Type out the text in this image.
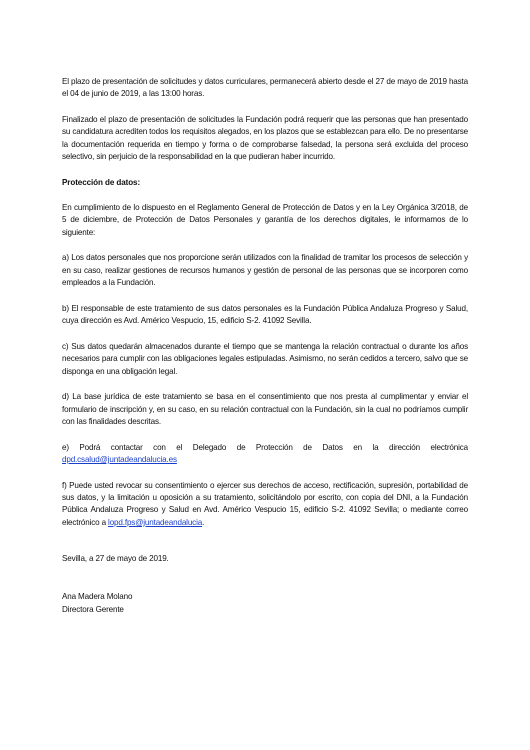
El plazo de presentación de solicitudes y datos curriculares, permanecerá abierto desde el 27 de mayo de 2019 hasta el 04 de junio de 2019, a las 13:00 horas.

Finalizado el plazo de presentación de solicitudes la Fundación podrá requerir que las personas que han presentado su candidatura acrediten todos los requisitos alegados, en los plazos que se establezcan para ello. De no presentarse la documentación requerida en tiempo y forma o de comprobarse falsedad, la persona será excluida del proceso selectivo, sin perjuicio de la responsabilidad en la que pudieran haber incurrido.

Protección de datos:

En cumplimiento de lo dispuesto en el Reglamento General de Protección de Datos y en la Ley Orgánica 3/2018, de 5 de diciembre, de Protección de Datos Personales y garantía de los derechos digitales, le informamos de lo siguiente:

a) Los datos personales que nos proporcione serán utilizados con la finalidad de tramitar los procesos de selección y en su caso, realizar gestiones de recursos humanos y gestión de personal de las personas que se incorporen como empleados a la Fundación.

b) El responsable de este tratamiento de sus datos personales es la Fundación Pública Andaluza Progreso y Salud, cuya dirección es Avd. Américo Vespucio, 15, edificio S-2. 41092 Sevilla.

c) Sus datos quedarán almacenados durante el tiempo que se mantenga la relación contractual o durante los años necesarios para cumplir con las obligaciones legales estipuladas. Asimismo, no serán cedidos a tercero, salvo que se disponga en una obligación legal.

d) La base jurídica de este tratamiento se basa en el consentimiento que nos presta al cumplimentar y enviar el formulario de inscripción y, en su caso, en su relación contractual con la Fundación, sin la cual no podríamos cumplir con las finalidades descritas.

e) Podrá contactar con el Delegado de Protección de Datos en la dirección electrónica dpd.csalud@juntadeandalucia.es

f) Puede usted revocar su consentimiento o ejercer sus derechos de acceso, rectificación, supresión, portabilidad de sus datos, y la limitación u oposición a su tratamiento, solicitándolo por escrito, con copia del DNI, a la Fundación Pública Andaluza Progreso y Salud en Avd. Américo Vespucio 15, edificio S-2. 41092 Sevilla; o mediante correo electrónico a lopd.fps@juntadeandalucia.

Sevilla, a 27 de mayo de 2019.

Ana Madera Molano
Directora Gerente
